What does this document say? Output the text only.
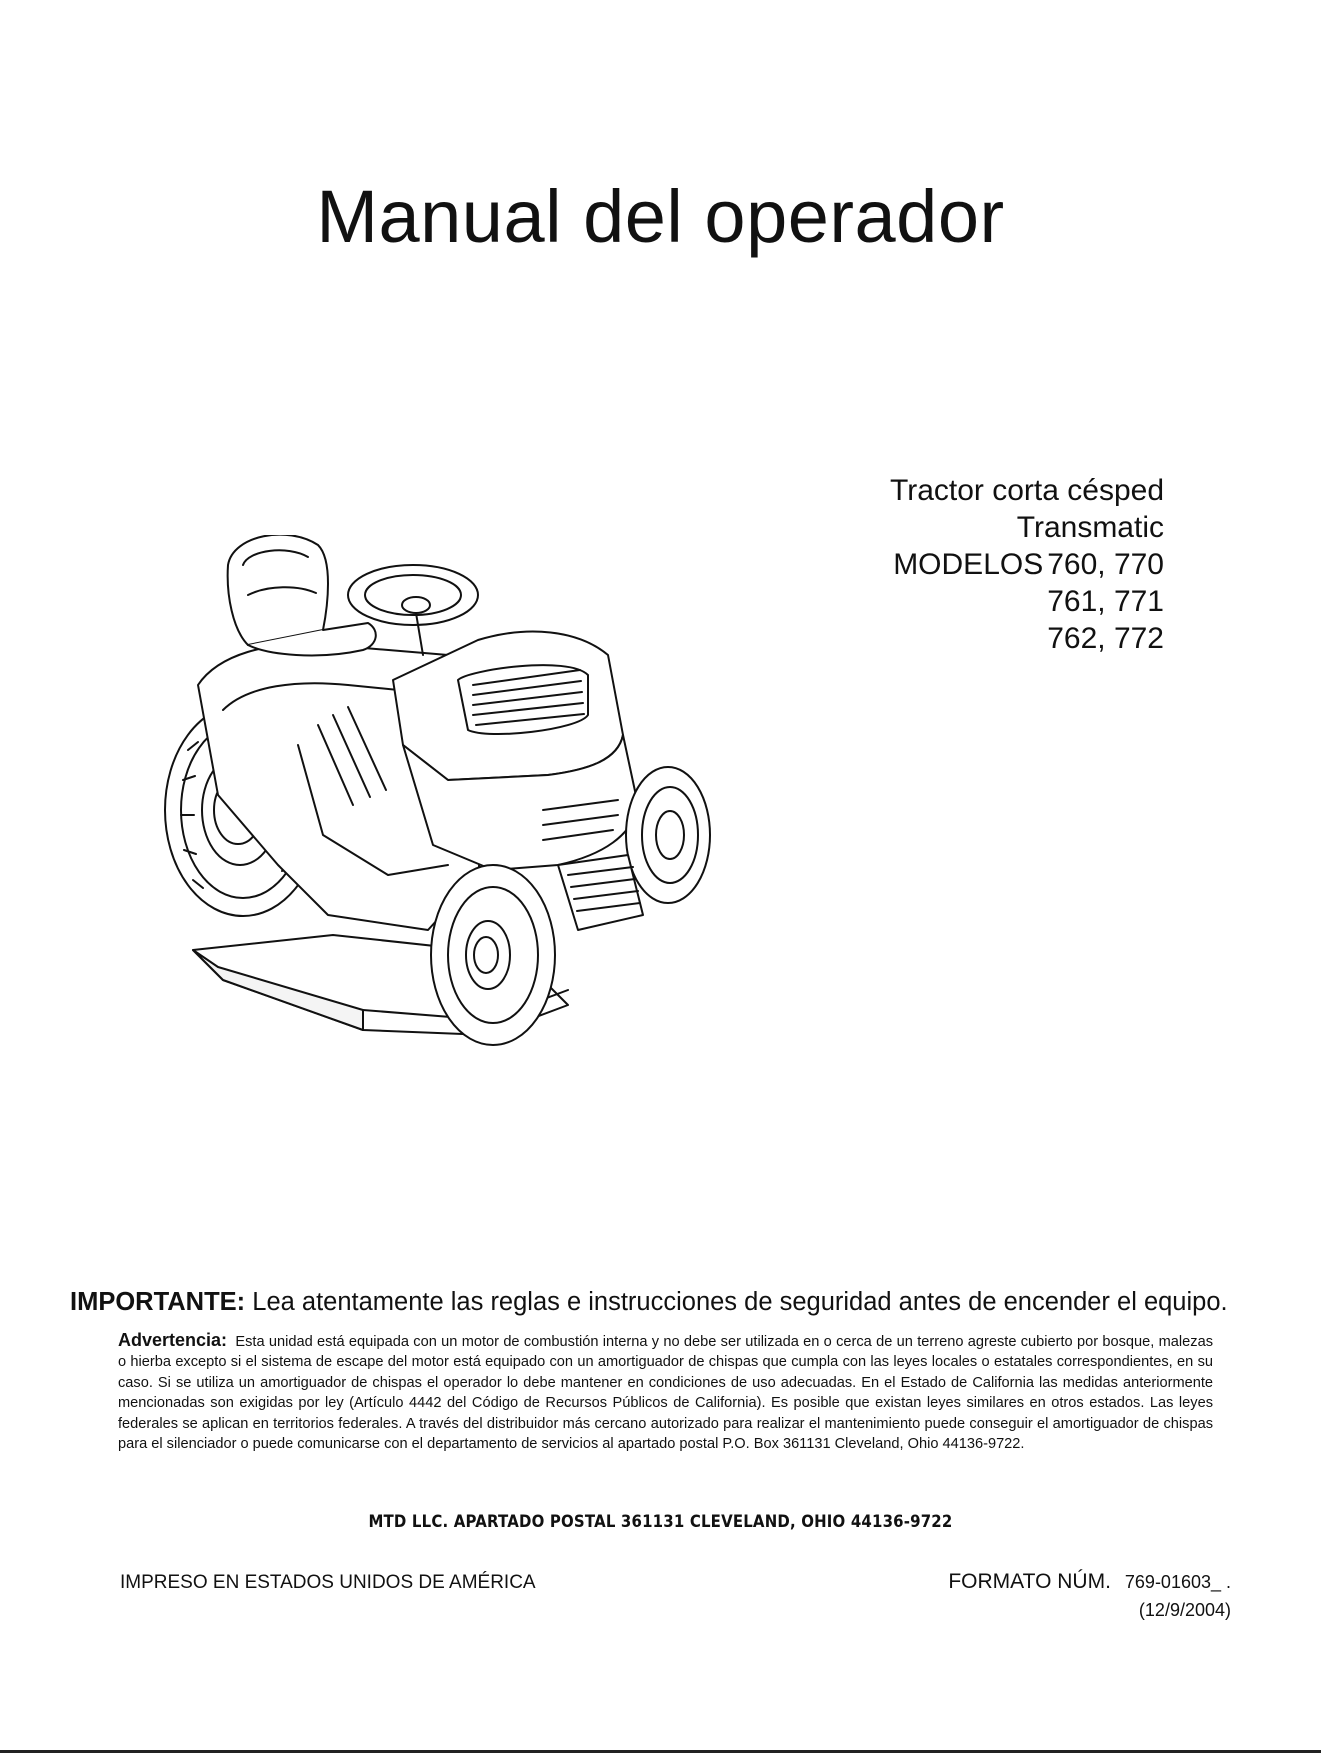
Manual del operador
Tractor corta césped
Transmatic
MODELOS 760, 770
761, 771
762, 772
IMPORTANTE: Lea atentamente las reglas e instrucciones de seguridad antes de encender el equipo.
Advertencia: Esta unidad está equipada con un motor de combustión interna y no debe ser utilizada en o cerca de un terreno agreste cubierto por bosque, malezas o hierba excepto si el sistema de escape del motor está equipado con un amortiguador de chispas que cumpla con las leyes locales o estatales correspondientes, en su caso. Si se utiliza un amortiguador de chispas el operador lo debe mantener en condiciones de uso adecuadas. En el Estado de California las medidas anteriormente mencionadas son exigidas por ley (Artículo 4442 del Código de Recursos Públicos de California). Es posible que existan leyes similares en otros estados. Las leyes federales se aplican en territorios federales. A través del distribuidor más cercano autorizado para realizar el mantenimiento puede conseguir el amortiguador de chispas para el silenciador o puede comunicarse con el departamento de servicios al apartado postal P.O. Box 361131 Cleveland, Ohio 44136-9722.
MTD LLC. APARTADO POSTAL 361131 CLEVELAND, OHIO 44136-9722
IMPRESO EN ESTADOS UNIDOS DE AMÉRICA	FORMATO NÚM. 769-01603_ .
(12/9/2004)
